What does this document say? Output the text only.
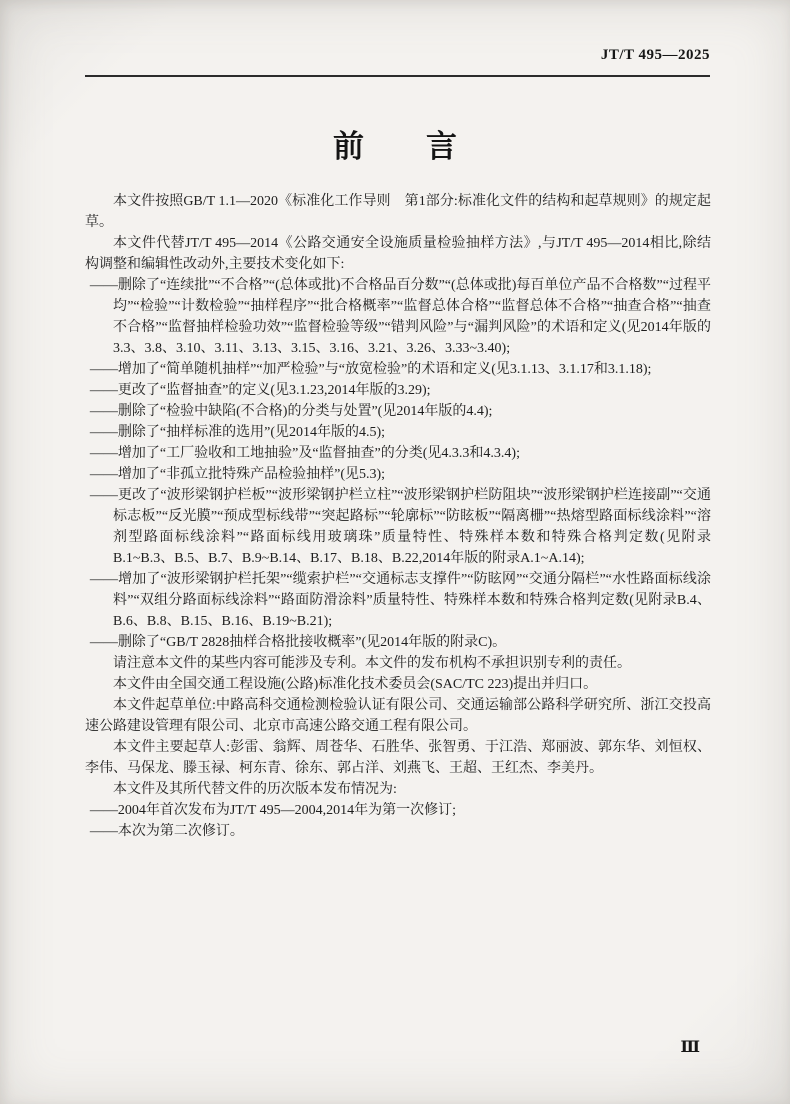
JT/T 495—2025
前　　言
本文件按照GB/T 1.1—2020《标准化工作导则　第1部分:标准化文件的结构和起草规则》的规定起草。
本文件代替JT/T 495—2014《公路交通安全设施质量检验抽样方法》,与JT/T 495—2014相比,除结构调整和编辑性改动外,主要技术变化如下:
——删除了“连续批”“不合格”“(总体或批)不合格品百分数”“(总体或批)每百单位产品不合格数”“过程平均”“检验”“计数检验”“抽样程序”“批合格概率”“监督总体合格”“监督总体不合格”“抽查合格”“抽查不合格”“监督抽样检验功效”“监督检验等级”“错判风险”与“漏判风险”的术语和定义(见2014年版的3.3、3.8、3.10、3.11、3.13、3.15、3.16、3.21、3.26、3.33~3.40);
——增加了“简单随机抽样”“加严检验”与“放宽检验”的术语和定义(见3.1.13、3.1.17和3.1.18);
——更改了“监督抽查”的定义(见3.1.23,2014年版的3.29);
——删除了“检验中缺陷(不合格)的分类与处置”(见2014年版的4.4);
——删除了“抽样标准的选用”(见2014年版的4.5);
——增加了“工厂验收和工地抽验”及“监督抽查”的分类(见4.3.3和4.3.4);
——增加了“非孤立批特殊产品检验抽样”(见5.3);
——更改了“波形梁钢护栏板”“波形梁钢护栏立柱”“波形梁钢护栏防阻块”“波形梁钢护栏连接副”“交通标志板”“反光膜”“预成型标线带”“突起路标”“轮廓标”“防眩板”“隔离栅”“热熔型路面标线涂料”“溶剂型路面标线涂料”“路面标线用玻璃珠”质量特性、特殊样本数和特殊合格判定数(见附录B.1~B.3、B.5、B.7、B.9~B.14、B.17、B.18、B.22,2014年版的附录A.1~A.14);
——增加了“波形梁钢护栏托架”“缆索护栏”“交通标志支撑件”“防眩网”“交通分隔栏”“水性路面标线涂料”“双组分路面标线涂料”“路面防滑涂料”质量特性、特殊样本数和特殊合格判定数(见附录B.4、B.6、B.8、B.15、B.16、B.19~B.21);
——删除了“GB/T 2828抽样合格批接收概率”(见2014年版的附录C)。
请注意本文件的某些内容可能涉及专利。本文件的发布机构不承担识别专利的责任。
本文件由全国交通工程设施(公路)标准化技术委员会(SAC/TC 223)提出并归口。
本文件起草单位:中路高科交通检测检验认证有限公司、交通运输部公路科学研究所、浙江交投高速公路建设管理有限公司、北京市高速公路交通工程有限公司。
本文件主要起草人:彭雷、翁辉、周苍华、石胜华、张智勇、于江浩、郑丽波、郭东华、刘恒权、李伟、马保龙、滕玉禄、柯东青、徐东、郭占洋、刘燕飞、王超、王红杰、李美丹。
本文件及其所代替文件的历次版本发布情况为:
——2004年首次发布为JT/T 495—2004,2014年为第一次修订;
——本次为第二次修订。
Ⅲ
